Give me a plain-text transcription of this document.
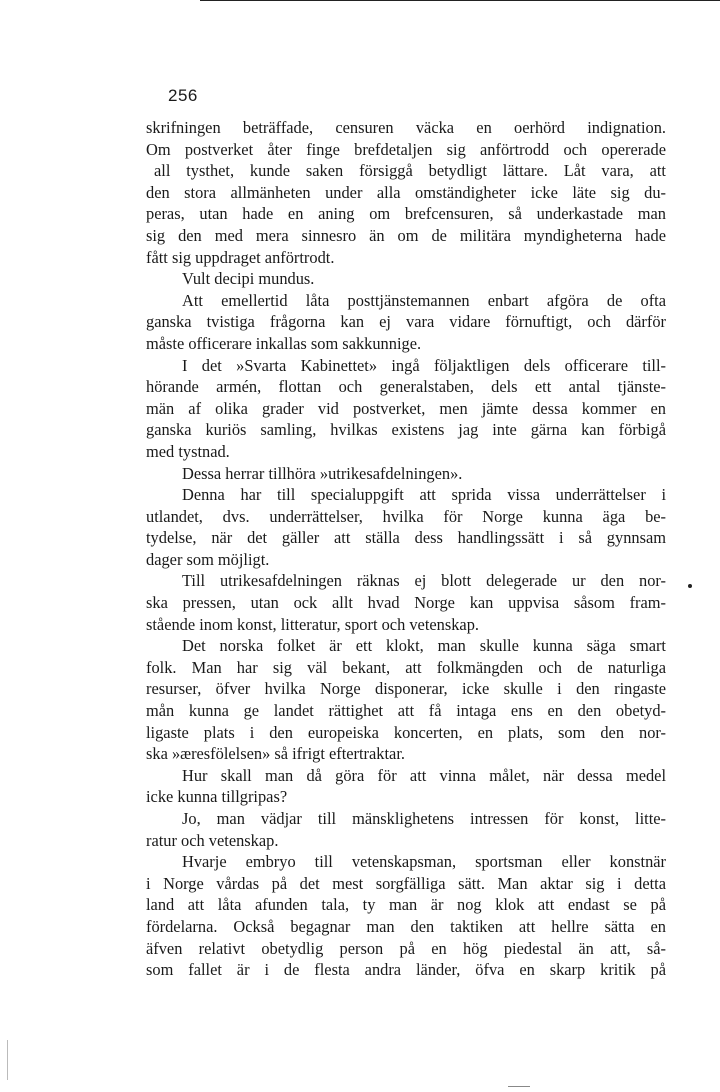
256
skrifningen beträffade, censuren väcka en oerhörd indignation.
Om postverket åter finge brefdetaljen sig anförtrodd och opererade
all tysthet, kunde saken försiggå betydligt lättare. Låt vara, att
den stora allmänheten under alla omständigheter icke läte sig du-
peras, utan hade en aning om brefcensuren, så underkastade man
sig den med mera sinnesro än om de militära myndigheterna hade
fått sig uppdraget anförtrodt.
Vult decipi mundus.
Att emellertid låta posttjänstemannen enbart afgöra de ofta
ganska tvistiga frågorna kan ej vara vidare förnuftigt, och därför
måste officerare inkallas som sakkunnige.
I det »Svarta Kabinettet» ingå följaktligen dels officerare till-
hörande armén, flottan och generalstaben, dels ett antal tjänste-
män af olika grader vid postverket, men jämte dessa kommer en
ganska kuriös samling, hvilkas existens jag inte gärna kan förbigå
med tystnad.
Dessa herrar tillhöra »utrikesafdelningen».
Denna har till specialuppgift att sprida vissa underrättelser i
utlandet, dvs. underrättelser, hvilka för Norge kunna äga be-
tydelse, när det gäller att ställa dess handlingssätt i så gynnsam
dager som möjligt.
Till utrikesafdelningen räknas ej blott delegerade ur den nor-
ska pressen, utan ock allt hvad Norge kan uppvisa såsom fram-
stående inom konst, litteratur, sport och vetenskap.
Det norska folket är ett klokt, man skulle kunna säga smart
folk. Man har sig väl bekant, att folkmängden och de naturliga
resurser, öfver hvilka Norge disponerar, icke skulle i den ringaste
mån kunna ge landet rättighet att få intaga ens en den obetyd-
ligaste plats i den europeiska koncerten, en plats, som den nor-
ska »æresfölelsen» så ifrigt eftertraktar.
Hur skall man då göra för att vinna målet, när dessa medel
icke kunna tillgripas?
Jo, man vädjar till mänsklighetens intressen för konst, litte-
ratur och vetenskap.
Hvarje embryo till vetenskapsman, sportsman eller konstnär
i Norge vårdas på det mest sorgfälliga sätt. Man aktar sig i detta
land att låta afunden tala, ty man är nog klok att endast se på
fördelarna. Också begagnar man den taktiken att hellre sätta en
äfven relativt obetydlig person på en hög piedestal än att, så-
som fallet är i de flesta andra länder, öfva en skarp kritik på
